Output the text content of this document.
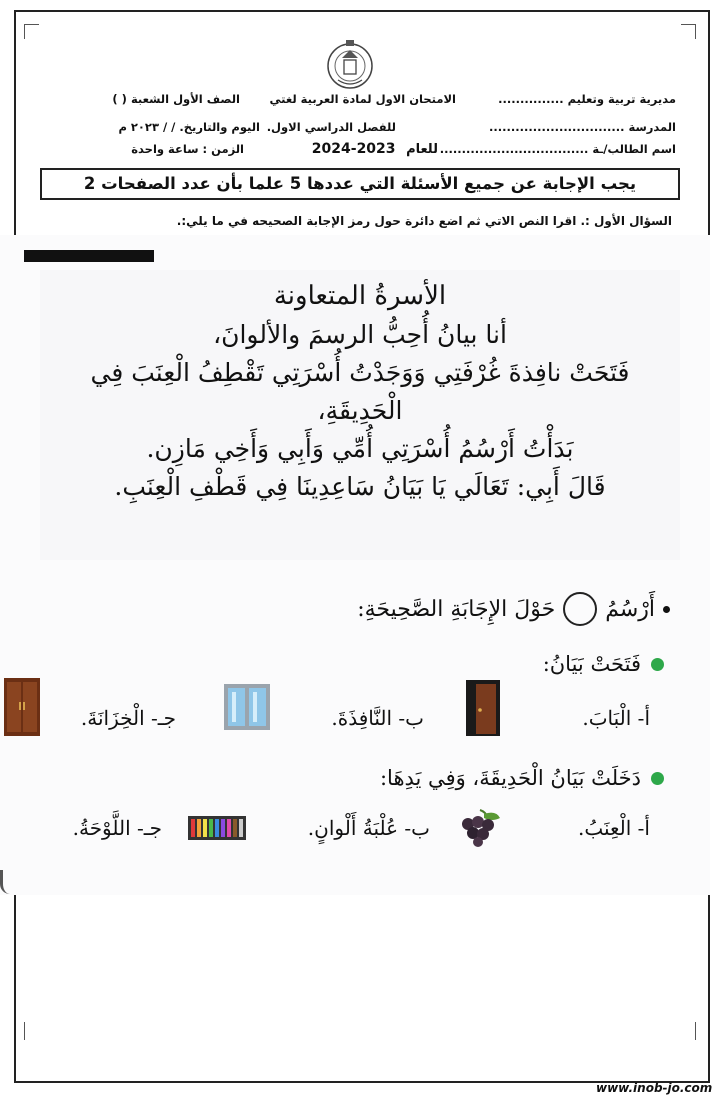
مديرية تربية وتعليم ...............
الامتحان الاول لمادة العربية لغتي
الصف الأول الشعبة ( )
المدرسة ...............................
للفصل الدراسي الاول.
اليوم والتاريخ. / / ٢٠٢٣ م
اسم الطالب/ـة ..................................
للعام 2023-2024
الزمن : ساعة واحدة
يجب الإجابة عن جميع الأسئلة التي عددها 5 علما بأن عدد الصفحات 2
السؤال الأول :. اقرا النص الاتي ثم اضع دائرة حول رمز الإجابة الصحيحه في ما يلي:.
الأسرةُ المتعاونة
أنا بيانُ أُحِبُّ الرسمَ والألوانَ،
فَتَحَتْ نافِذةَ غُرْفَتِي وَوَجَدْتُ أُسْرَتِي تَقْطِفُ الْعِنَبَ فِي
الْحَدِيقَةِ،
بَدَأْتُ أَرْسُمُ أُسْرَتِي أُمِّي وَأَبِي وَأَخِي مَازِن.
قَالَ أَبِي: تَعَالَي يَا بَيَانُ سَاعِدِينَا فِي قَطْفِ الْعِنَبِ.
أَرْسُمُ
حَوْلَ الإِجَابَةِ الصَّحِيحَةِ:
فَتَحَتْ بَيَانُ:
أ- الْبَابَ.
ب- النَّافِذَةَ.
جـ- الْخِزَانَةَ.
دَخَلَتْ بَيَانُ الْحَدِيقَةَ، وَفِي يَدِهَا:
أ- الْعِنَبُ.
ب- عُلْبَةُ أَلْوانٍ.
جـ- اللَّوْحَةُ.
www.inob-jo.com
